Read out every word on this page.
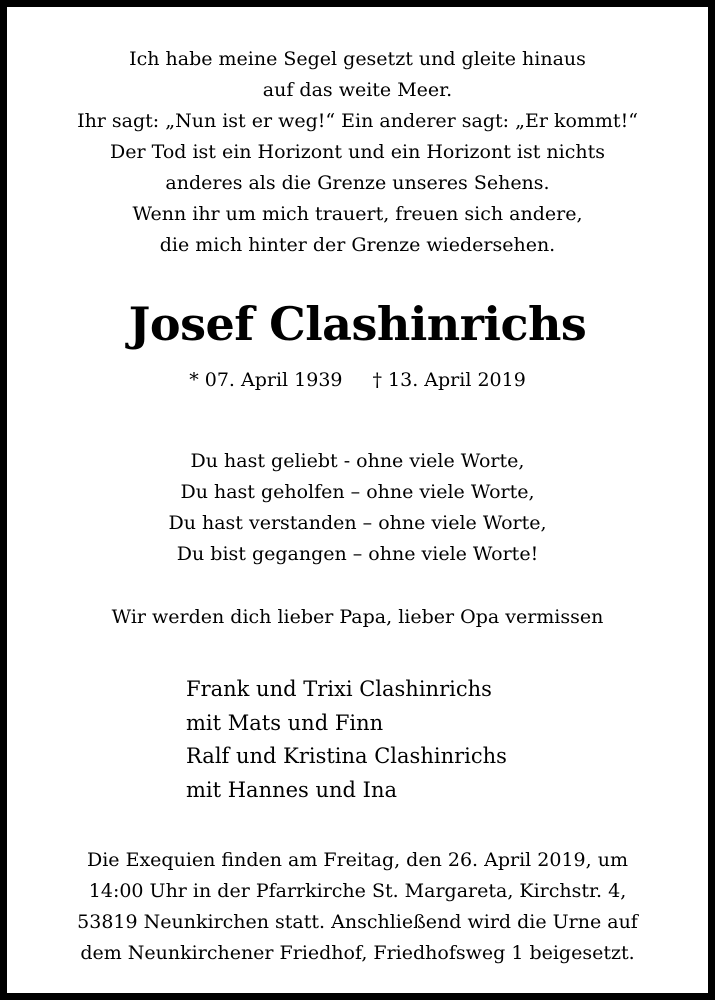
Ich habe meine Segel gesetzt und gleite hinaus
auf das weite Meer.
Ihr sagt: „Nun ist er weg!“ Ein anderer sagt: „Er kommt!“
Der Tod ist ein Horizont und ein Horizont ist nichts
anderes als die Grenze unseres Sehens.
Wenn ihr um mich trauert, freuen sich andere,
die mich hinter der Grenze wiedersehen.
Josef Clashinrichs
* 07. April 1939 † 13. April 2019
Du hast geliebt - ohne viele Worte,
Du hast geholfen – ohne viele Worte,
Du hast verstanden – ohne viele Worte,
Du bist gegangen – ohne viele Worte!
Wir werden dich lieber Papa, lieber Opa vermissen
Frank und Trixi Clashinrichs
mit Mats und Finn
Ralf und Kristina Clashinrichs
mit Hannes und Ina
Die Exequien finden am Freitag, den 26. April 2019, um
14:00 Uhr in der Pfarrkirche St. Margareta, Kirchstr. 4,
53819 Neunkirchen statt. Anschließend wird die Urne auf
dem Neunkirchener Friedhof, Friedhofsweg 1 beigesetzt.
